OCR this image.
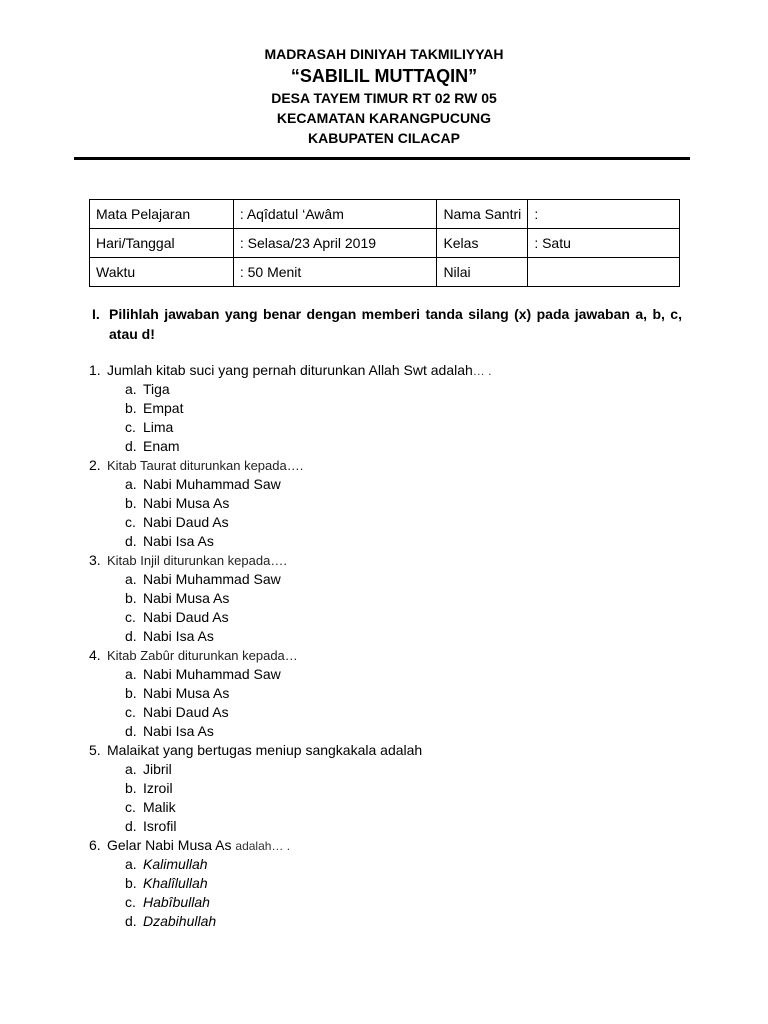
MADRASAH DINIYAH TAKMILIYYAH
“SABILIL MUTTAQIN”
DESA TAYEM TIMUR RT 02 RW 05
KECAMATAN KARANGPUCUNG
KABUPATEN CILACAP
Mata Pelajaran	: Aqîdatul ‘Awâm	Nama Santri	:
Hari/Tanggal	: Selasa/23 April 2019	Kelas	: Satu
Waktu	: 50 Menit	Nilai	
I. Pilihlah jawaban yang benar dengan memberi tanda silang (x) pada jawaban a, b, c, atau d!
1. Jumlah kitab suci yang pernah diturunkan Allah Swt adalah… .
a. Tiga
b. Empat
c. Lima
d. Enam
2. Kitab Taurat diturunkan kepada….
a. Nabi Muhammad Saw
b. Nabi Musa As
c. Nabi Daud As
d. Nabi Isa As
3. Kitab Injil diturunkan kepada….
a. Nabi Muhammad Saw
b. Nabi Musa As
c. Nabi Daud As
d. Nabi Isa As
4. Kitab Zabûr diturunkan kepada…
a. Nabi Muhammad Saw
b. Nabi Musa As
c. Nabi Daud As
d. Nabi Isa As
5. Malaikat yang bertugas meniup sangkakala adalah
a. Jibril
b. Izroil
c. Malik
d. Isrofil
6. Gelar Nabi Musa As adalah… .
a. Kalimullah
b. Khalîlullah
c. Habîbullah
d. Dzabihullah
